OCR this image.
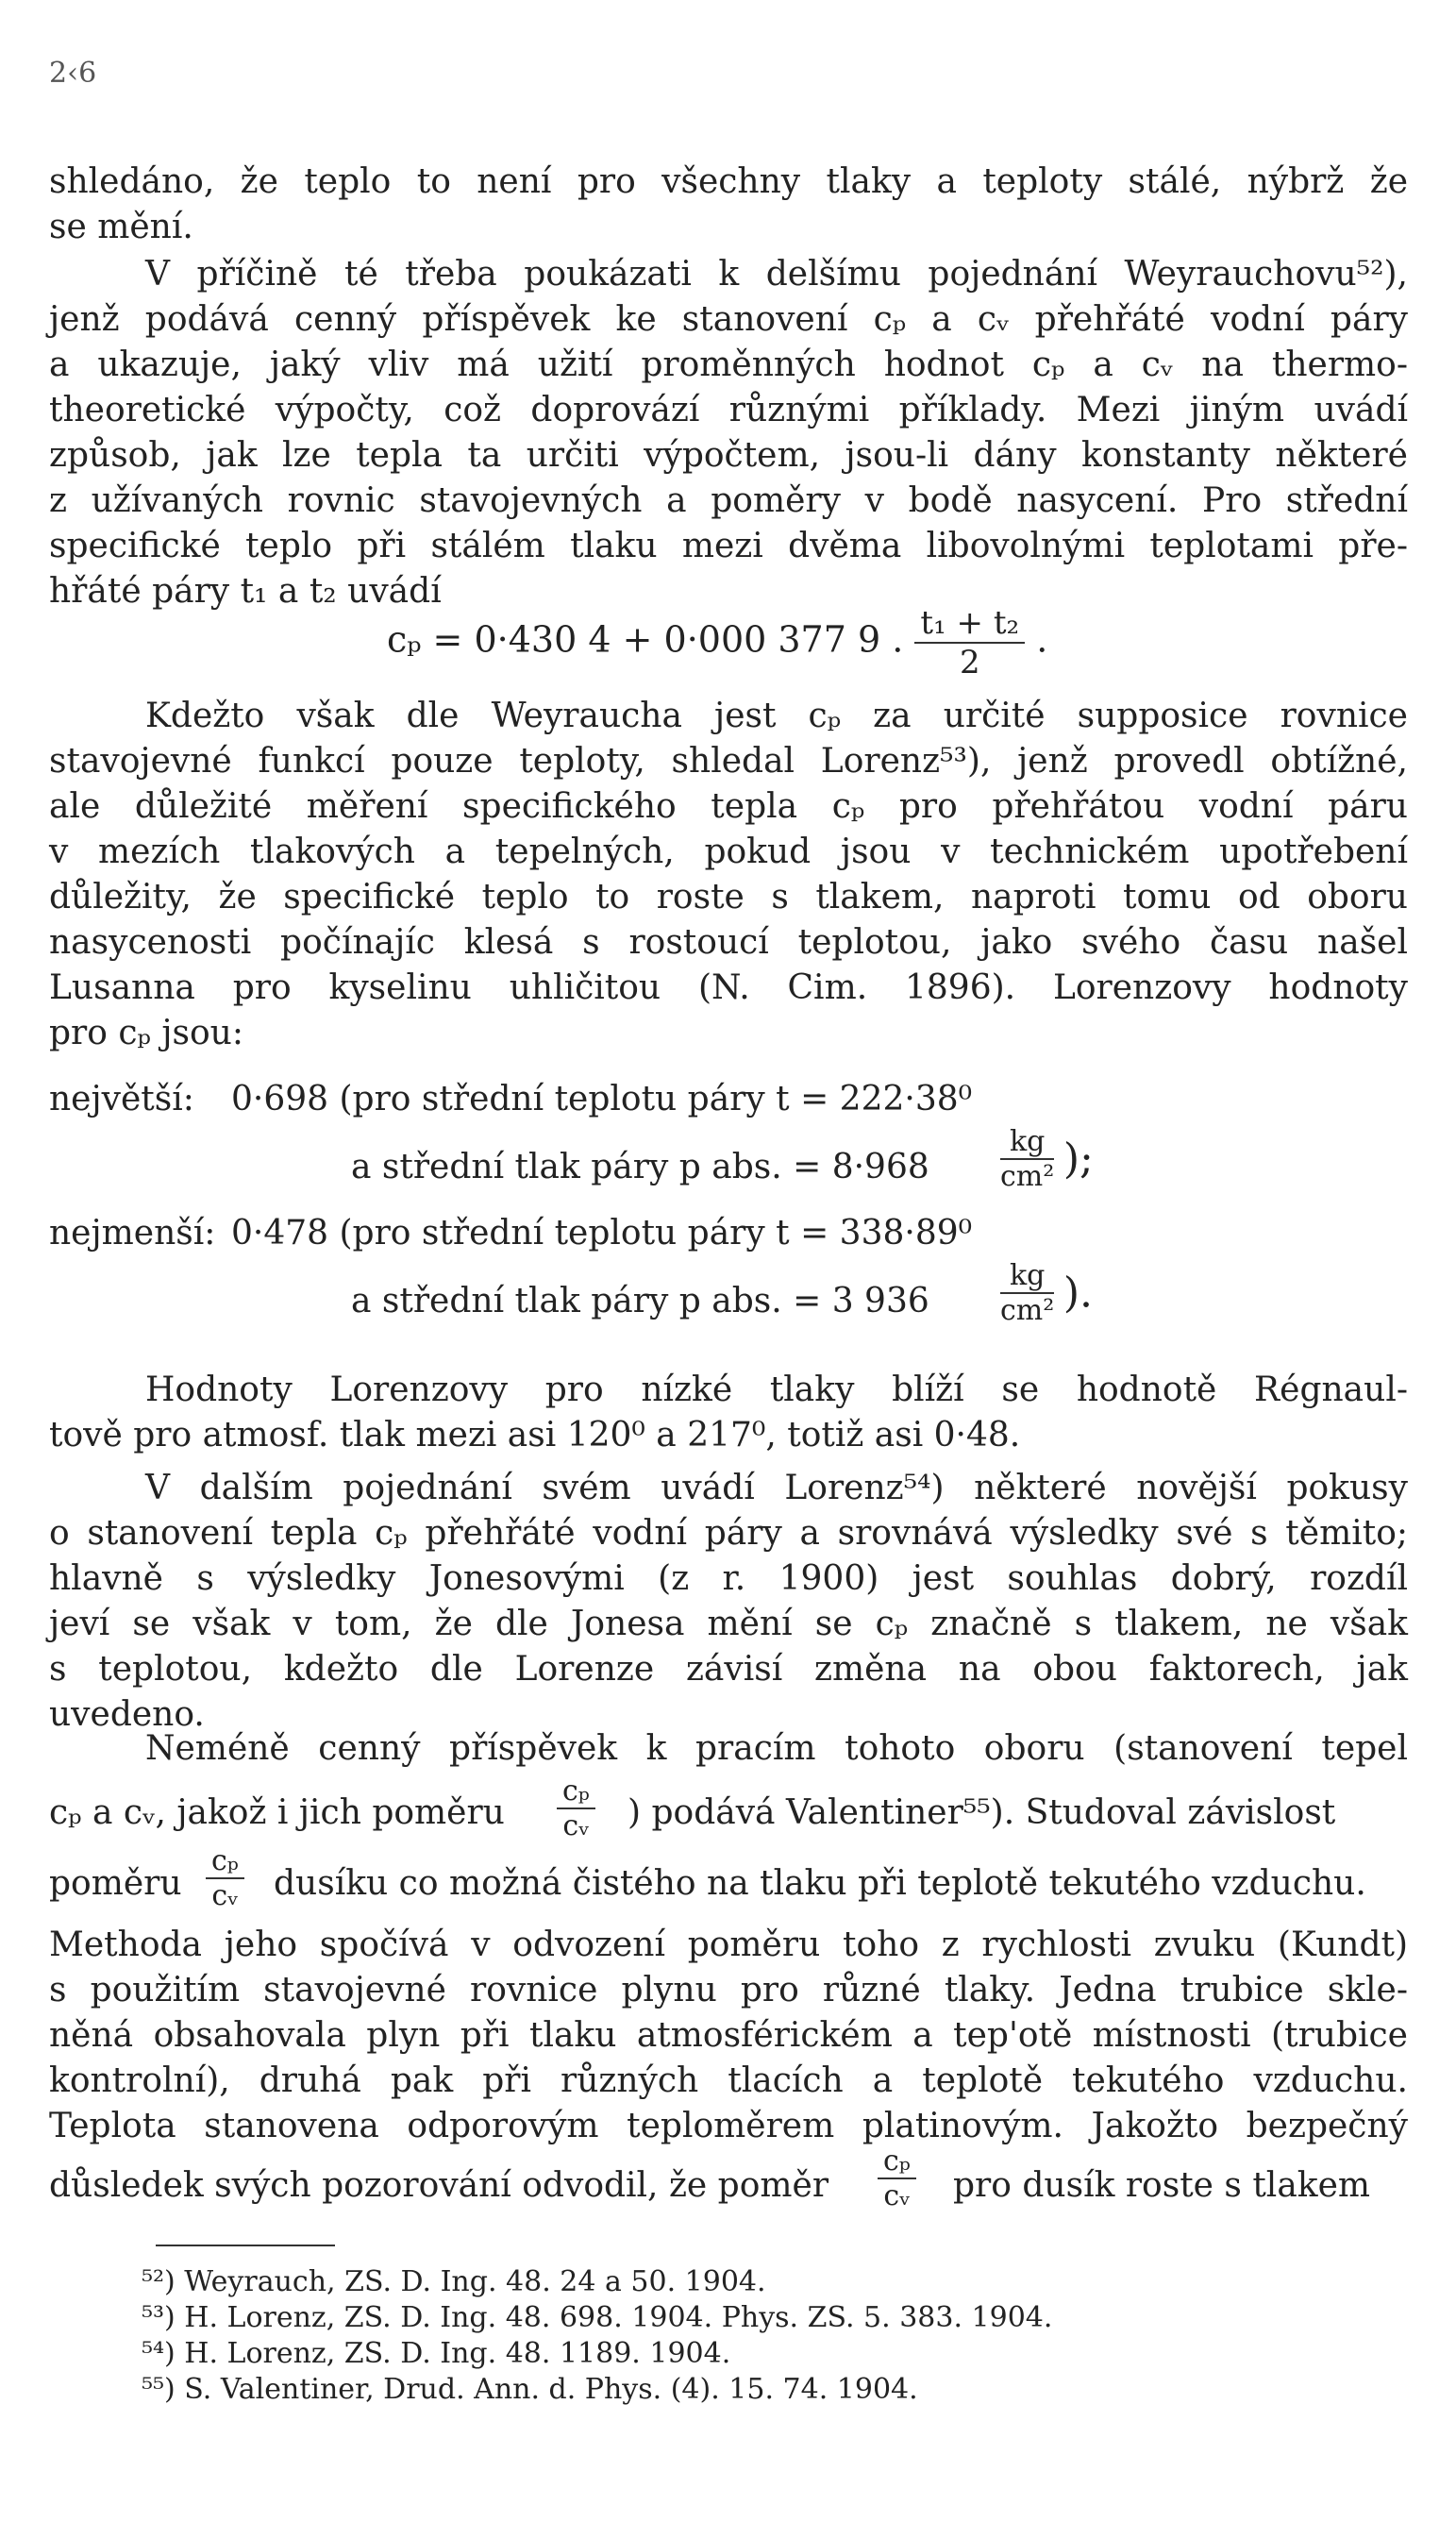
2‹6
shledáno, že teplo to není pro všechny tlaky a teploty stálé, nýbrž že
se mění.
V příčině té třeba poukázati k delšímu pojednání Weyrauchovu⁵²),
jenž podává cenný příspěvek ke stanovení cₚ a cᵥ přehřáté vodní páry
a ukazuje, jaký vliv má užití proměnných hodnot cₚ a cᵥ na thermo-
theoretické výpočty, což doprovází různými příklady. Mezi jiným uvádí
způsob, jak lze tepla ta určiti výpočtem, jsou-li dány konstanty některé
z užívaných rovnic stavojevných a poměry v bodě nasycení. Pro střední
specifické teplo při stálém tlaku mezi dvěma libovolnými teplotami pře-
hřáté páry t₁ a t₂ uvádí
cₚ = 0·430 4 + 0·000 377 9 . $\frac{\text{t₁ + t₂}}{2}$ .
Kdežto však dle Weyraucha jest cₚ za určité supposice rovnice
stavojevné funkcí pouze teploty, shledal Lorenz⁵³), jenž provedl obtížné,
ale důležité měření specifického tepla cₚ pro přehřátou vodní páru
v mezích tlakových a tepelných, pokud jsou v technickém upotřebení
důležity, že specifické teplo to roste s tlakem, naproti tomu od oboru
nasycenosti počínajíc klesá s rostoucí teplotou, jako svého času našel
Lusanna pro kyselinu uhličitou (N. Cim. 1896). Lorenzovy hodnoty
pro cₚ jsou:
největší: 0·698 (pro střední teplotu páry t = 222·38⁰
a střední tlak páry p abs. = 8·968	$\frac{kg}{\text{cm²}}$ );
nejmenší: 0·478 (pro střední teplotu páry t = 338·89⁰
a střední tlak páry p abs. = 3 936	$\frac{kg}{\text{cm²}}$ ).
Hodnoty Lorenzovy pro nízké tlaky blíží se hodnotě Régnaul-
tově pro atmosf. tlak mezi asi 120⁰ a 217⁰, totiž asi 0·48.
V dalším pojednání svém uvádí Lorenz⁵⁴) některé novější pokusy
o stanovení tepla cₚ přehřáté vodní páry a srovnává výsledky své s těmito;
hlavně s výsledky Jonesovými (z r. 1900) jest souhlas dobrý, rozdíl
jeví se však v tom, že dle Jonesa mění se cₚ značně s tlakem, ne však
s teplotou, kdežto dle Lorenze závisí změna na obou faktorech, jak
uvedeno.
Neméně cenný příspěvek k pracím tohoto oboru (stanovení tepel
cₚ a cᵥ, jakož i jich poměru $\frac{\text{cₚ}}{\text{cᵥ}}$ ) podává Valentiner⁵⁵). Studoval závislost
poměru $\frac{\text{cₚ}}{\text{cᵥ}}$ dusíku co možná čistého na tlaku při teplotě tekutého vzduchu.
Methoda jeho spočívá v odvození poměru toho z rychlosti zvuku (Kundt)
s použitím stavojevné rovnice plynu pro různé tlaky. Jedna trubice skle-
něná obsahovala plyn při tlaku atmosférickém a tep'otě místnosti (trubice
kontrolní), druhá pak při různých tlacích a teplotě tekutého vzduchu.
Teplota stanovena odporovým teploměrem platinovým. Jakožto bezpečný
důsledek svých pozorování odvodil, že poměr $\frac{\text{cₚ}}{\text{cᵥ}}$ pro dusík roste s tlakem
⁵²) Weyrauch, ZS. D. Ing. 48. 24 a 50. 1904.
⁵³) H. Lorenz, ZS. D. Ing. 48. 698. 1904. Phys. ZS. 5. 383. 1904.
⁵⁴) H. Lorenz, ZS. D. Ing. 48. 1189. 1904.
⁵⁵) S. Valentiner, Drud. Ann. d. Phys. (4). 15. 74. 1904.
